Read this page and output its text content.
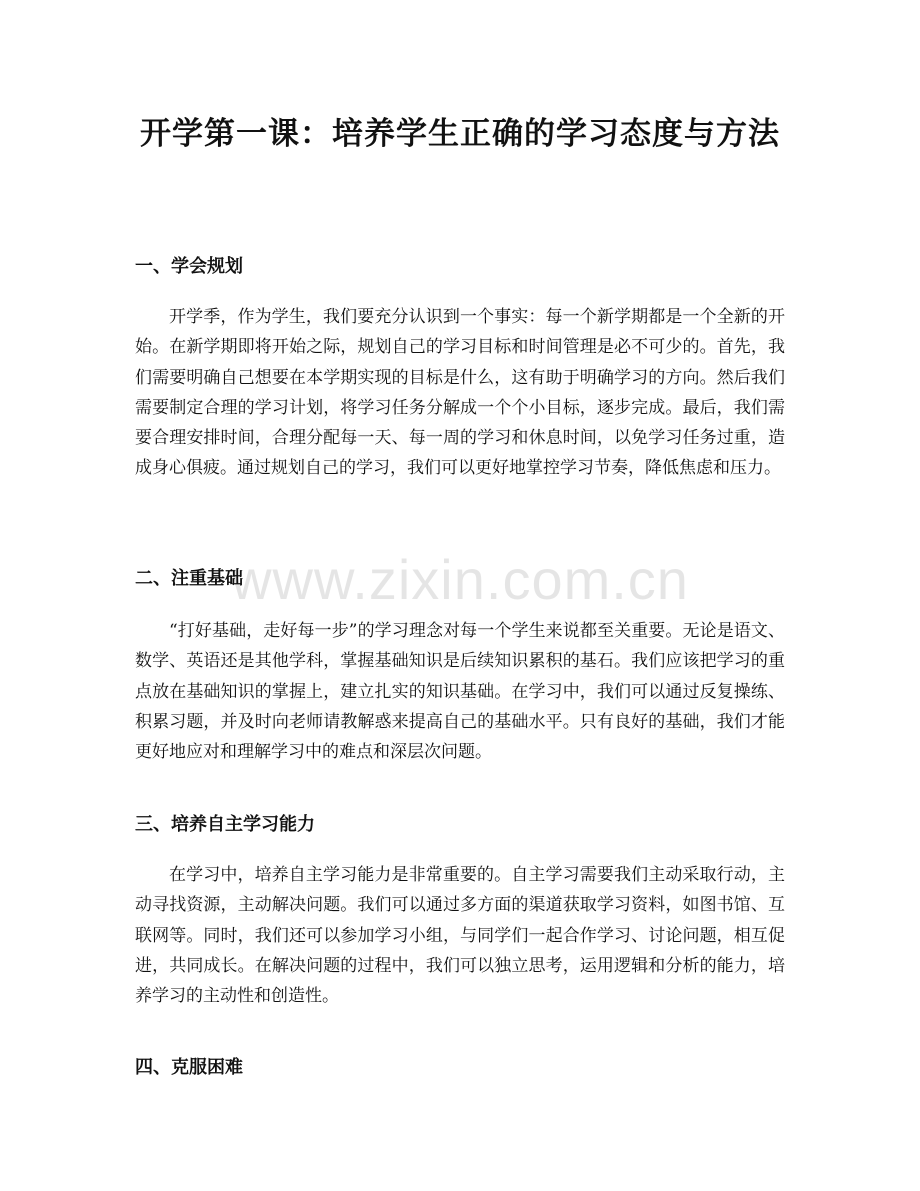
开学第一课：培养学生正确的学习态度与方法
一、学会规划

开学季，作为学生，我们要充分认识到一个事实：每一个新学期都是一个全新的开始。在新学期即将开始之际，规划自己的学习目标和时间管理是必不可少的。首先，我们需要明确自己想要在本学期实现的目标是什么，这有助于明确学习的方向。然后我们需要制定合理的学习计划，将学习任务分解成一个个小目标，逐步完成。最后，我们需要合理安排时间，合理分配每一天、每一周的学习和休息时间，以免学习任务过重，造成身心俱疲。通过规划自己的学习，我们可以更好地掌控学习节奏，降低焦虑和压力。

二、注重基础

“打好基础，走好每一步”的学习理念对每一个学生来说都至关重要。无论是语文、数学、英语还是其他学科，掌握基础知识是后续知识累积的基石。我们应该把学习的重点放在基础知识的掌握上，建立扎实的知识基础。在学习中，我们可以通过反复操练、积累习题，并及时向老师请教解惑来提高自己的基础水平。只有良好的基础，我们才能更好地应对和理解学习中的难点和深层次问题。

三、培养自主学习能力

在学习中，培养自主学习能力是非常重要的。自主学习需要我们主动采取行动，主动寻找资源，主动解决问题。我们可以通过多方面的渠道获取学习资料，如图书馆、互联网等。同时，我们还可以参加学习小组，与同学们一起合作学习、讨论问题，相互促进，共同成长。在解决问题的过程中，我们可以独立思考，运用逻辑和分析的能力，培养学习的主动性和创造性。

四、克服困难
www.zixin.com.cn
